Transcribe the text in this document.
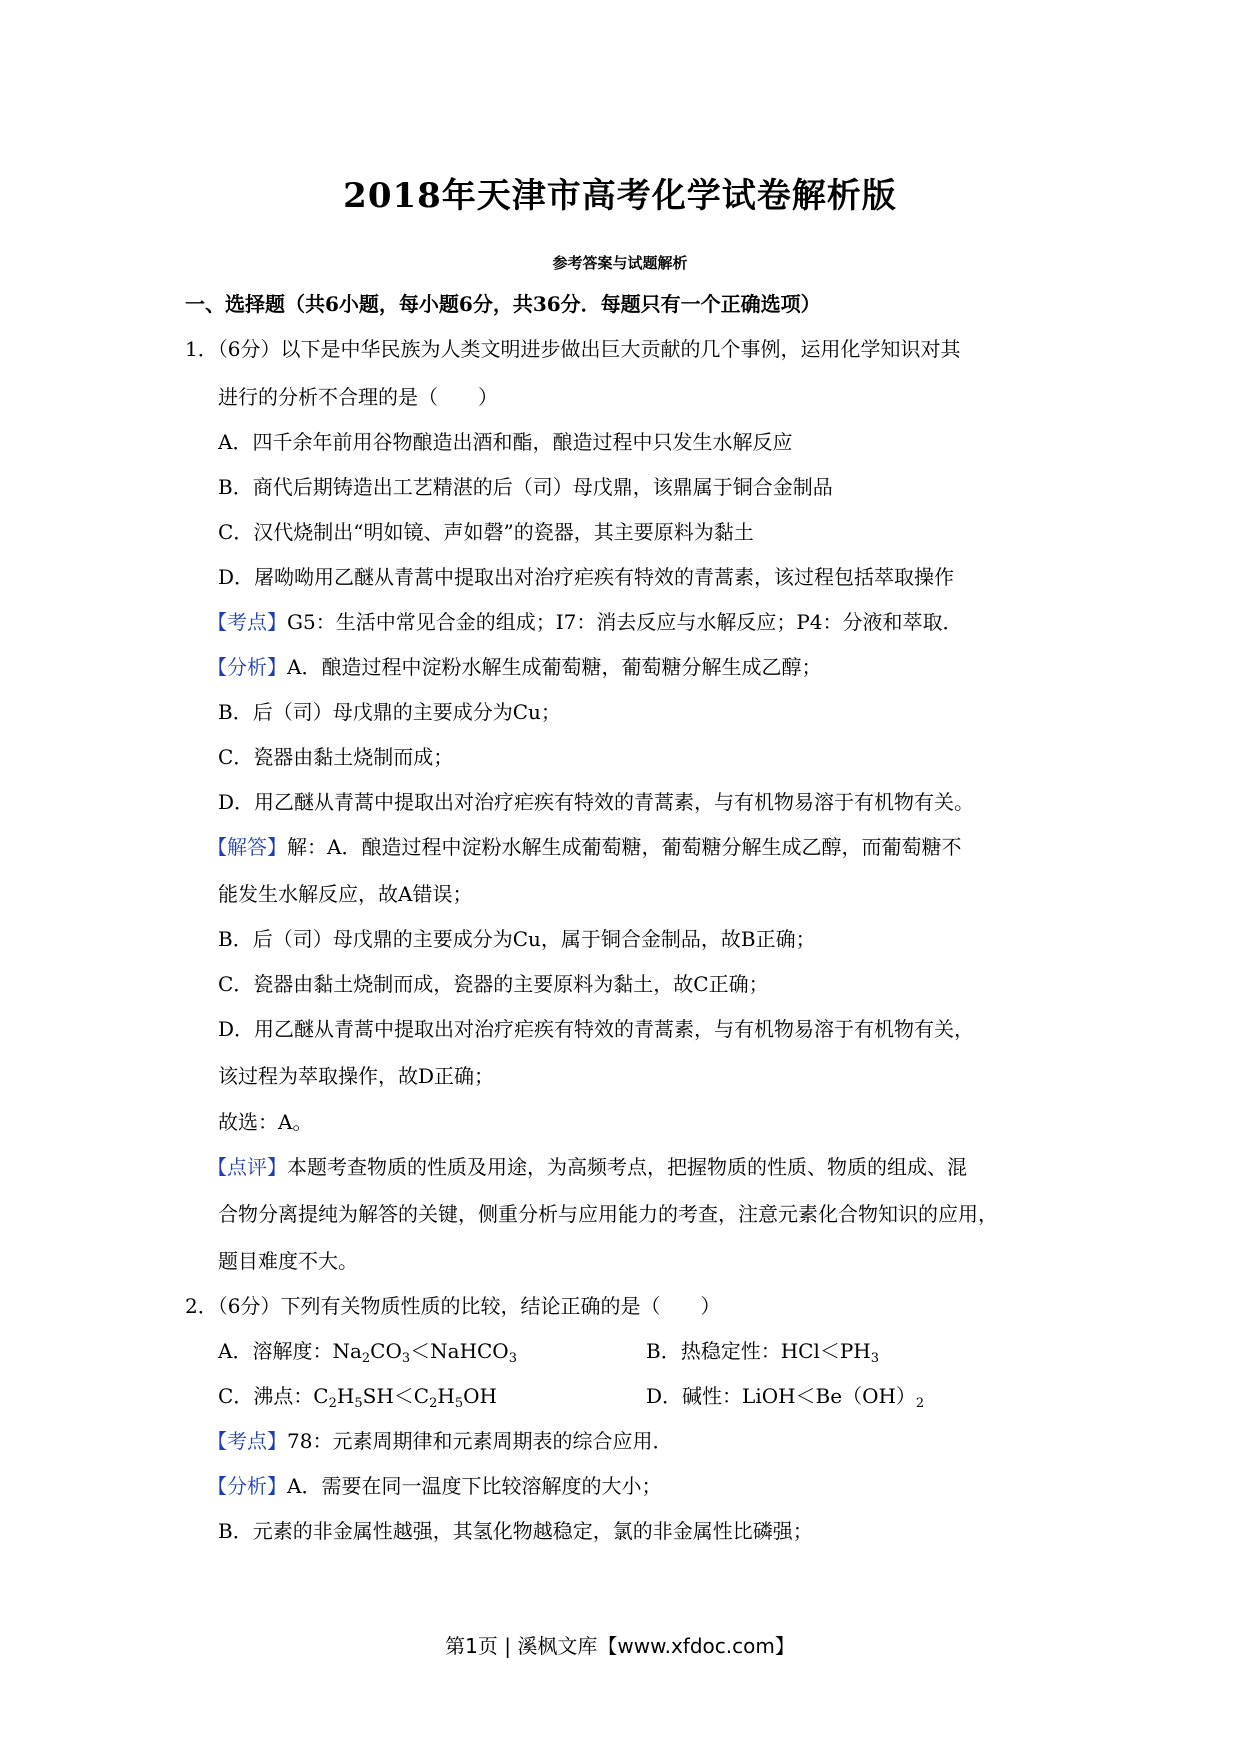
2018年天津市高考化学试卷解析版
参考答案与试题解析
一、选择题（共6小题，每小题6分，共36分．每题只有一个正确选项）
1．（6分）以下是中华民族为人类文明进步做出巨大贡献的几个事例，运用化学知识对其
进行的分析不合理的是（　　）
A．四千余年前用谷物酿造出酒和酯，酿造过程中只发生水解反应
B．商代后期铸造出工艺精湛的后（司）母戊鼎，该鼎属于铜合金制品
C．汉代烧制出“明如镜、声如磬”的瓷器，其主要原料为黏土
D．屠呦呦用乙醚从青蒿中提取出对治疗疟疾有特效的青蒿素，该过程包括萃取操作
【考点】G5：生活中常见合金的组成；I7：消去反应与水解反应；P4：分液和萃取．
【分析】A．酿造过程中淀粉水解生成葡萄糖，葡萄糖分解生成乙醇；
B．后（司）母戊鼎的主要成分为Cu；
C．瓷器由黏土烧制而成；
D．用乙醚从青蒿中提取出对治疗疟疾有特效的青蒿素，与有机物易溶于有机物有关。
【解答】解：A．酿造过程中淀粉水解生成葡萄糖，葡萄糖分解生成乙醇，而葡萄糖不
能发生水解反应，故A错误；
B．后（司）母戊鼎的主要成分为Cu，属于铜合金制品，故B正确；
C．瓷器由黏土烧制而成，瓷器的主要原料为黏土，故C正确；
D．用乙醚从青蒿中提取出对治疗疟疾有特效的青蒿素，与有机物易溶于有机物有关，
该过程为萃取操作，故D正确；
故选：A。
【点评】本题考查物质的性质及用途，为高频考点，把握物质的性质、物质的组成、混
合物分离提纯为解答的关键，侧重分析与应用能力的考查，注意元素化合物知识的应用，
题目难度不大。
2．（6分）下列有关物质性质的比较，结论正确的是（　　）
A．溶解度：$Na_2CO_3<NaHCO_3$	B．热稳定性：$HCl<PH_3$
C．沸点：$C_2H_5SH<C_2H_5OH$	D．碱性：$LiOH<Be(OH)_2$
【考点】78：元素周期律和元素周期表的综合应用．
【分析】A．需要在同一温度下比较溶解度的大小；
B．元素的非金属性越强，其氢化物越稳定，氯的非金属性比磷强；
第1页 | 溪枫文库【www.xfdoc.com】
